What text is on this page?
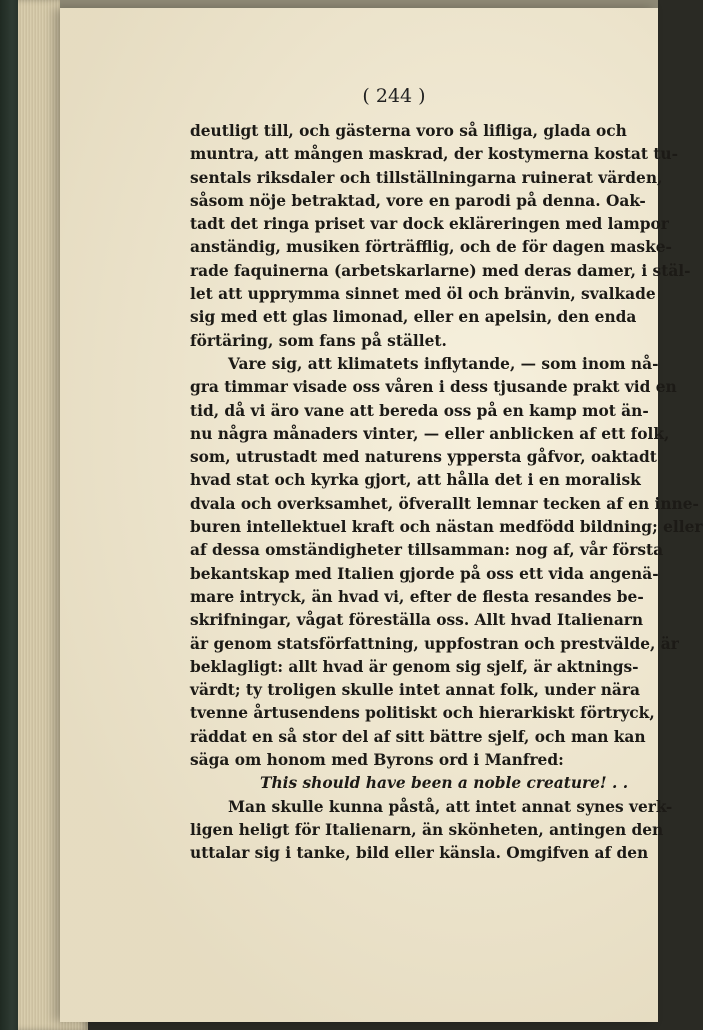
( 244 )
deutligt till, och gästerna voro så lifliga, glada och
muntra, att mången maskrad, der kostymerna kostat tu-
sentals riksdaler och tillställningarna ruinerat värden,
såsom nöje betraktad, vore en parodi på denna. Oak-
tadt det ringa priset var dock ekläreringen med lampor
anständig, musiken förträfflig, och de för dagen maske-
rade faquinerna (arbetskarlarne) med deras damer, i stäl-
let att upprymma sinnet med öl och bränvin, svalkade
sig med ett glas limonad, eller en apelsin, den enda
förtäring, som fans på stället.
Vare sig, att klimatets inflytande, — som inom nå-
gra timmar visade oss våren i dess tjusande prakt vid en
tid, då vi äro vane att bereda oss på en kamp mot än-
nu några månaders vinter, — eller anblicken af ett folk,
som, utrustadt med naturens yppersta gåfvor, oaktadt
hvad stat och kyrka gjort, att hålla det i en moralisk
dvala och overksamhet, öfverallt lemnar tecken af en inne-
buren intellektuel kraft och nästan medfödd bildning; eller
af dessa omständigheter tillsamman: nog af, vår första
bekantskap med Italien gjorde på oss ett vida angenä-
mare intryck, än hvad vi, efter de flesta resandes be-
skrifningar, vågat föreställa oss. Allt hvad Italienarn
är genom statsförfattning, uppfostran och prestvälde, är
beklagligt: allt hvad är genom sig sjelf, är aktnings-
värdt; ty troligen skulle intet annat folk, under nära
tvenne årtusendens politiskt och hierarkiskt förtryck,
räddat en så stor del af sitt bättre sjelf, och man kan
säga om honom med Byrons ord i Manfred:
This should have been a noble creature! . .
Man skulle kunna påstå, att intet annat synes verk-
ligen heligt för Italienarn, än skönheten, antingen den
uttalar sig i tanke, bild eller känsla. Omgifven af den
